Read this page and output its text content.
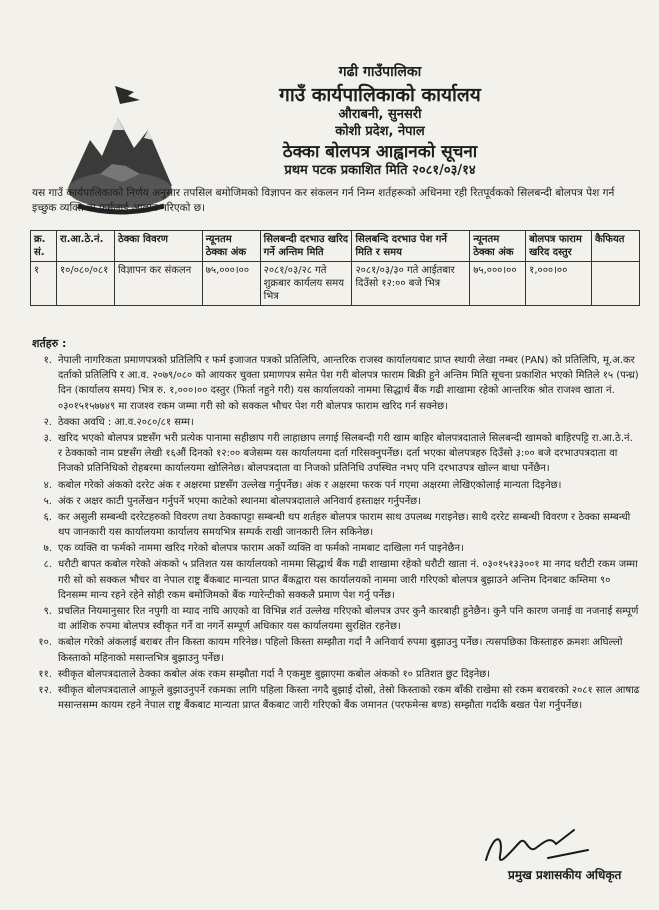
गढी गाउँपालिका
गाउँ कार्यपालिकाको कार्यालय
औराबनी, सुनसरी
कोशी प्रदेश, नेपाल
ठेक्का बोलपत्र आह्वानको सूचना
प्रथम पटक प्रकाशित मिति २०८१/०३/१४
यस गाउँ कार्यपालिकाको निर्णय अनुसार तपसिल बमोजिमको विज्ञापन कर संकलन गर्न निम्न शर्तहरूको अधिनमा रही रितपूर्वकको सिलबन्दी बोलपत्र पेश गर्न इच्छुक व्यक्ति वा फर्मलाई आह्वान गरिएको छ।
क्र. सं.	रा.आ.ठे.नं.	ठेक्का विवरण	न्यूनतम ठेक्का अंक	सिलबन्दी दरभाउ खरिद गर्ने अन्तिम मिति	सिलबन्दि दरभाउ पेश गर्ने मिति र समय	न्यूनतम ठेक्का अंक	बोलपत्र फाराम खरिद दस्तुर	कैफियत
१	१०/०८०/०८१	विज्ञापन कर संकलन	७५,०००।००	२०८१/०३/२८ गते शुक्रबार कार्यलय समय भित्र	२०८१/०३/३० गते आईतबार दिउँसो १२:०० बजे भित्र	७५,०००।००	१,०००।००	
शर्तहरु :
१. नेपाली नागरिकता प्रमाणपत्रको प्रतिलिपि र फर्म इजाजत पत्रको प्रतिलिपि, आन्तरिक राजस्व कार्यालयबाट प्राप्त स्थायी लेखा नम्बर (PAN) को प्रतिलिपि, मू.अ.कर दर्ताको प्रतिलिपि र आ.व. २०७९/०८० को आयकर चुक्ता प्रमाणपत्र समेत पेश गरी बोलपत्र फाराम बिक्री हुने अन्तिम मिति सूचना प्रकाशित भएको मितिले १५ (पन्ध्र) दिन (कार्यालय समय) भित्र रु. १,०००।०० दस्तुर (फिर्ता नहुने गरी) यस कार्यालयको नाममा सिद्धार्थ बैंक गढी शाखामा रहेको आन्तरिक श्रोत राजश्व खाता नं. ०३०१५१५७७४९ मा राजश्व रकम जम्मा गरी सो को सक्कल भौचर पेश गरी बोलपत्र फाराम खरिद गर्न सक्नेछ।
२. ठेक्का अवधि : आ.व.२०८०/८१ सम्म।
३. खरिद भएको बोलपत्र प्रष्टसँग भरी प्रत्येक पानामा सहीछाप गरी लाहाछाप लगाई सिलबन्दी गरी खाम बाहिर बोलपत्रदाताले सिलबन्दी खामको बाहिरपट्टि रा.आ.ठे.नं. र ठेक्काको नाम प्रष्टसँग लेखी १६औं दिनको १२:०० बजेसम्म यस कार्यालयमा दर्ता गरिसक्नुपर्नेछ। दर्ता भएका बोलपत्रहरु दिउँसो ३:०० बजे दरभाउपत्रदाता वा निजको प्रतिनिधिको रोहबरमा कार्यालयमा खोलिनेछ। बोलपत्रदाता वा निजको प्रतिनिधि उपस्थित नभए पनि दरभाउपत्र खोल्न बाधा पर्नेछैन।
४. कबोल गरेको अंकको दररेट अंक र अक्षरमा प्रष्टसँग उल्लेख गर्नुपर्नेछ। अंक र अक्षरमा फरक पर्न गएमा अक्षरमा लेखिएकोलाई मान्यता दिइनेछ।
५. अंक र अक्षर काटी पुनर्लेखन गर्नुपर्ने भएमा काटेको स्थानमा बोलपत्रदाताले अनिवार्य हस्ताक्षर गर्नुपर्नेछ।
६. कर असुली सम्बन्धी दररेटहरुको विवरण तथा ठेक्कापट्टा सम्बन्धी थप शर्तहरु बोलपत्र फाराम साथ उपलब्ध गराइनेछ। साथै दररेट सम्बन्धी विवरण र ठेक्का सम्बन्धी थप जानकारी यस कार्यालयमा कार्यालय समयभित्र सम्पर्क राखी जानकारी लिन सकिनेछ।
७. एक व्यक्ति वा फर्मको नाममा खरिद गरेको बोलपत्र फाराम अर्को व्यक्ति वा फर्मको नामबाट दाखिला गर्न पाइनेछैन।
८. धरौटी बापत कबोल गरेको अंकको ५ प्रतिशत यस कार्यालयको नाममा सिद्धार्थ बैंक गढी शाखामा रहेको धरौटी खाता नं. ०३०१५१३३००१ मा नगद धरौटी रकम जम्मा गरी सो को सक्कल भौचर वा नेपाल राष्ट्र बैंकबाट मान्यता प्राप्त बैंकद्वारा यस कार्यालयको नाममा जारी गरिएको बोलपत्र बुझाउने अन्तिम दिनबाट कम्तिमा ९० दिनसम्म मान्य रहने रहेने सोही रकम बमोजिमको बैंक ग्यारेन्टीको सक्कलै प्रमाण पेश गर्नु पर्नेछ।
९. प्रचलित नियमानुसार रित नपुगी वा म्याद नाघि आएको वा विभिन्न शर्त उल्लेख गरिएको बोलपत्र उपर कुनै कारबाही हुनेछैन। कुनै पनि कारण जनाई वा नजनाई सम्पूर्ण वा आंशिक रुपमा बोलपत्र स्वीकृत गर्ने वा नगर्ने सम्पूर्ण अधिकार यस कार्यालयमा सुरक्षित रहनेछ।
१०. कबोल गरेको अंकलाई बराबर तीन किस्ता कायम गरिनेछ। पहिलो किस्ता सम्झौता गर्दा नै अनिवार्य रुपमा बुझाउनु पर्नेछ। त्यसपछिका किस्ताहरु क्रमशः अघिल्लो किस्ताको महिनाको मसान्तभित्र बुझाउनु पर्नेछ।
११. स्वीकृत बोलपत्रदाताले ठेक्का कबोल अंक रकम सम्झौता गर्दा नै एकमुष्ट बुझाएमा कबोल अंकको १० प्रतिशत छुट दिइनेछ।
१२. स्वीकृत बोलपत्रदाताले आफूले बुझाउनुपर्ने रकमका लागि पहिला किस्ता नगदै बुझाई दोस्रो, तेस्रो किस्ताको रकम बाँकी राखेमा सो रकम बराबरको २०८१ साल आषाढ मसान्तसम्म कायम रहने नेपाल राष्ट्र बैंकबाट मान्यता प्राप्त बैंकबाट जारी गरिएको बैंक जमानत (परफमेन्स बण्ड) सम्झौता गर्दाकै बखत पेश गर्नुपर्नेछ।
प्रमुख प्रशासकीय अधिकृत
